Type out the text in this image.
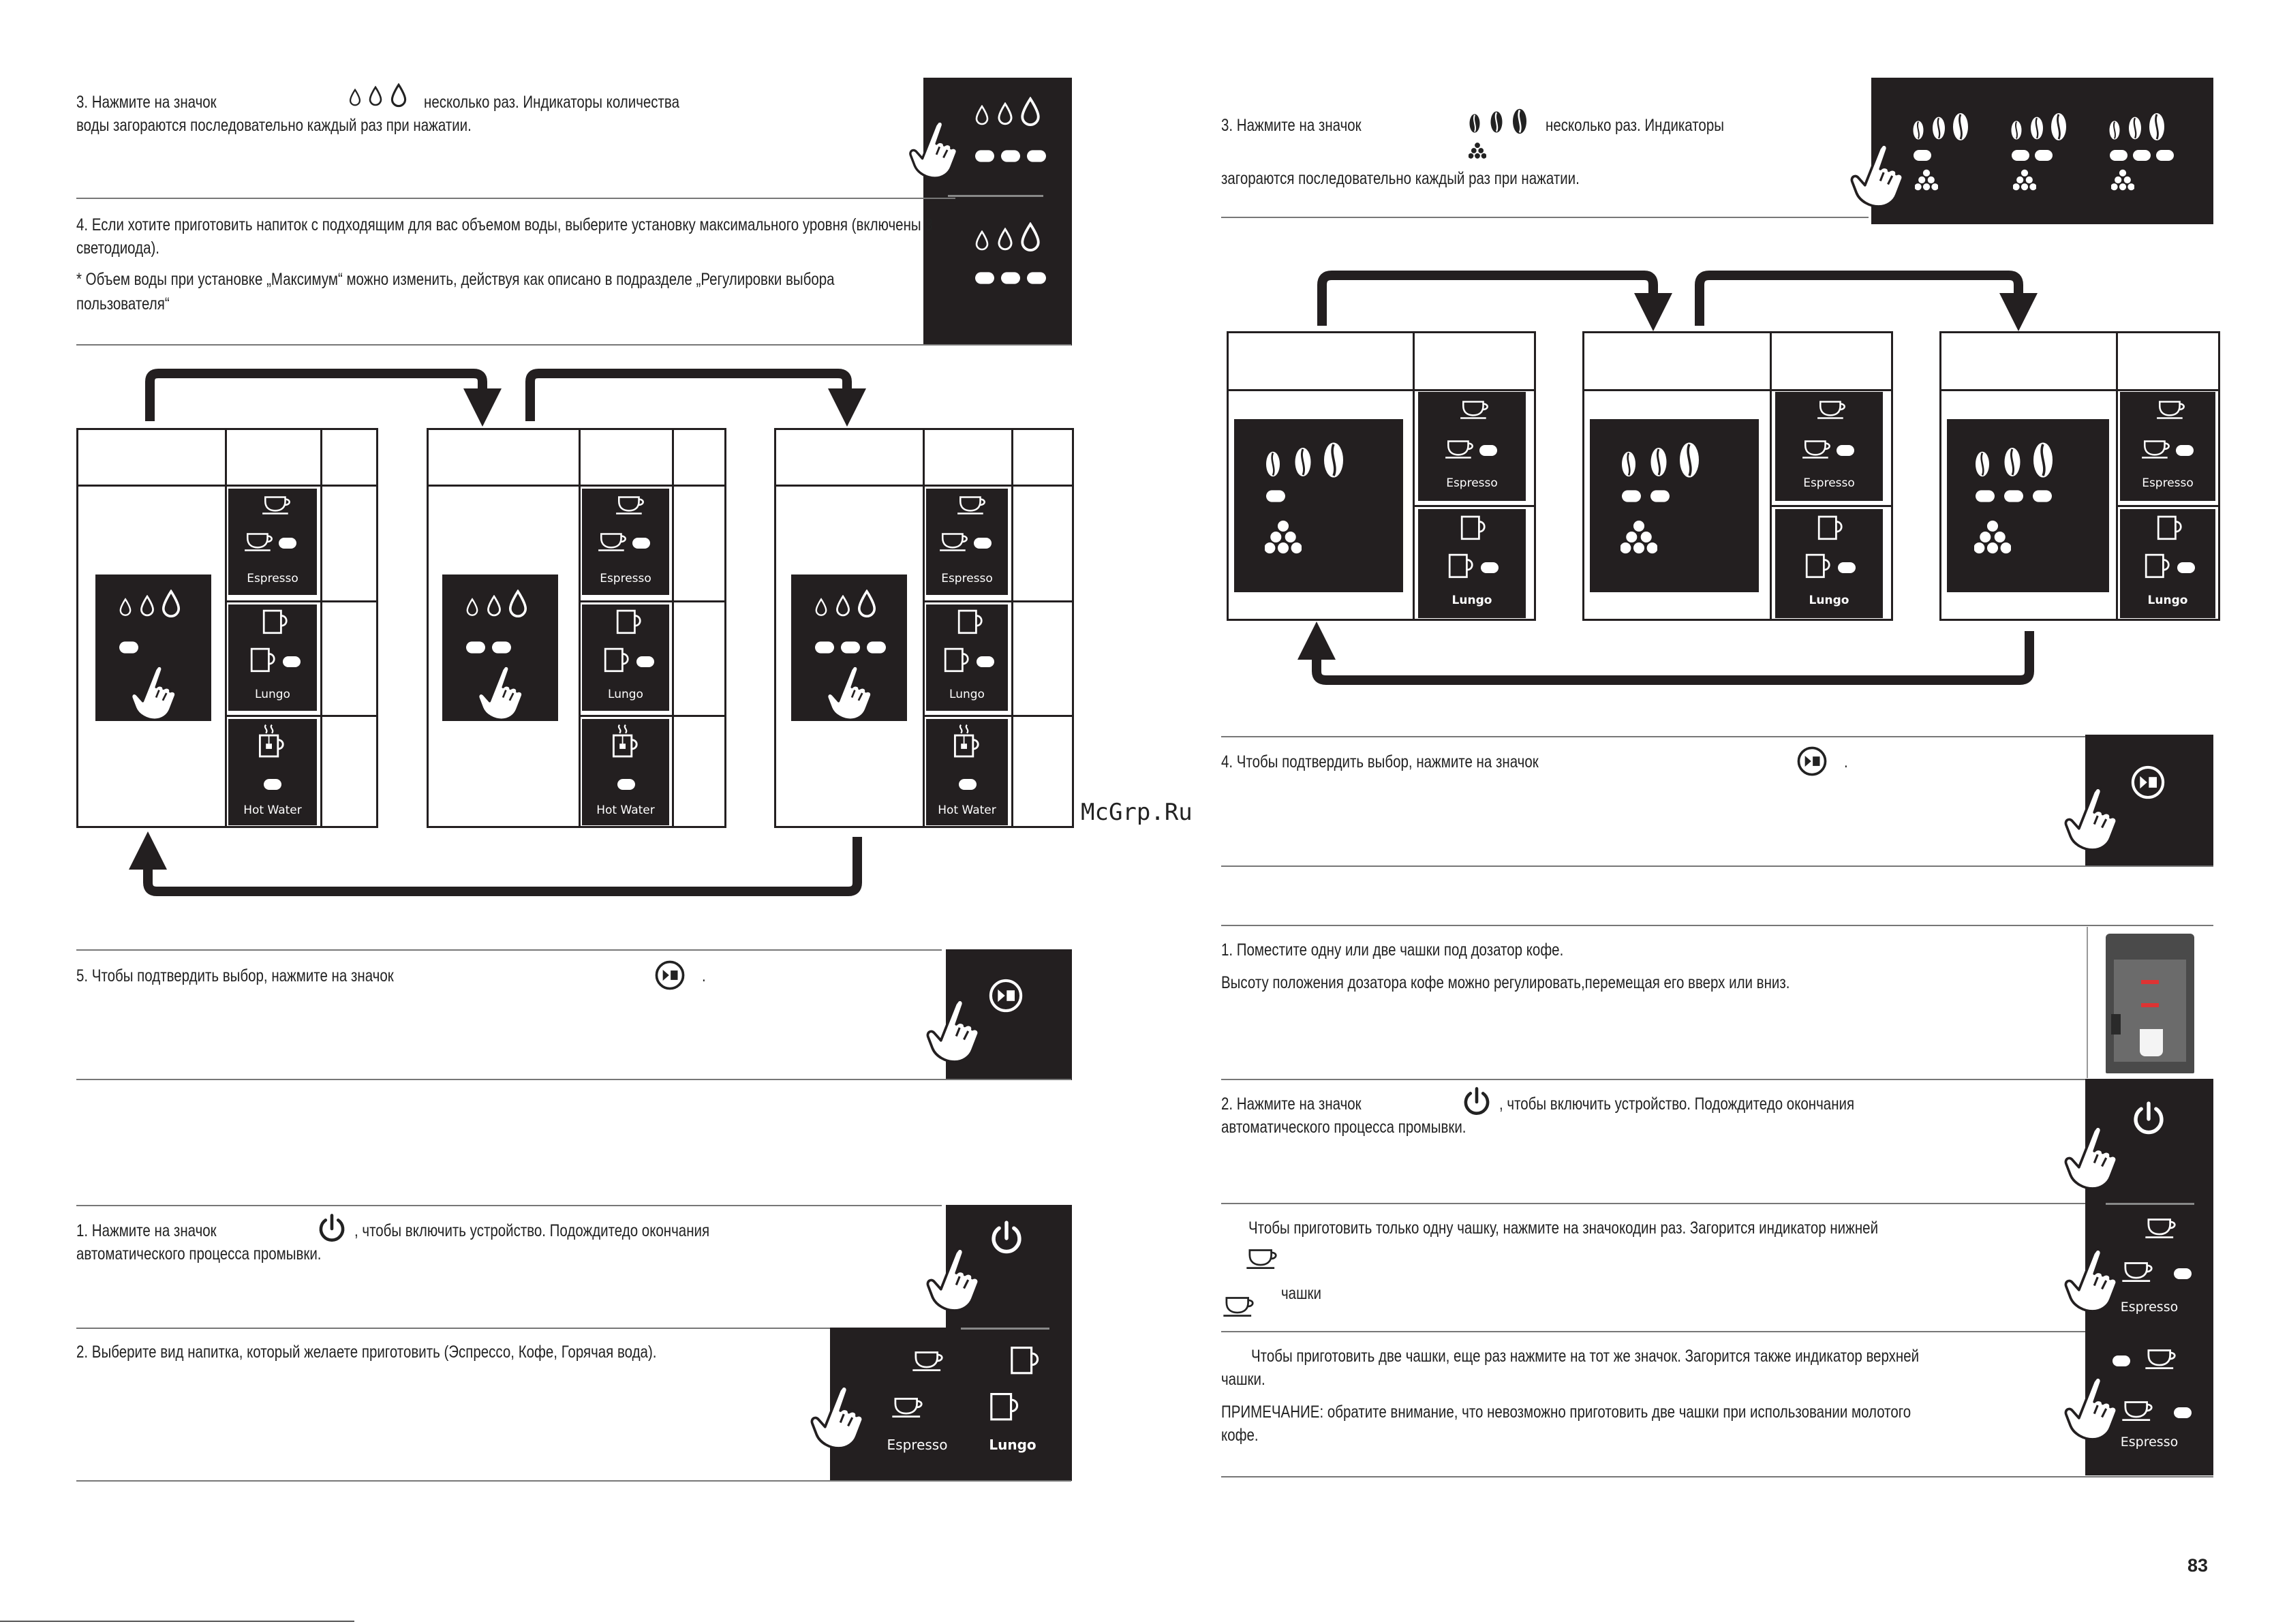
3. Нажмите на значок	несколько раз. Индикаторы количества
воды загораются последовательно каждый раз при нажатии.
4. Если хотите приготовить напиток с подходящим для вас объемом воды, выберите установку максимального уровня (включены 3
светодиода).
* Объем воды при установке „Максимум“ можно изменить, действуя как описано в подразделе „Регулировки выбора
пользователя“
Espresso
Lungo
Hot Water
Espresso
Lungo
Hot Water
Espresso
Lungo
Hot Water
5. Чтобы подтвердить выбор, нажмите на значок	.
1. Нажмите на значок	, чтобы включить устройство. Подождитедо окончания
автоматического процесса промывки.
2. Выберите вид напитка, который желаете приготовить (Эспрессо, Кофе, Горячая вода).
Espresso	Lungo
McGrp.Ru
3. Нажмите на значок	несколько раз. Индикаторы
загораются последовательно каждый раз при нажатии.
Espresso
Lungo
Espresso
Lungo
Espresso
Lungo
4. Чтобы подтвердить выбор, нажмите на значок	.
1. Поместите одну или две чашки под дозатор кофе.
Высоту положения дозатора кофе можно регулировать,перемещая его вверх или вниз.
2. Нажмите на значок	, чтобы включить устройство. Подождитедо окончания
автоматического процесса промывки.
Чтобы приготовить только одну чашку, нажмите на значокодин раз. Загорится индикатор нижней
чашки
Espresso
Чтобы приготовить две чашки, еще раз нажмите на тот же значок. Загорится также индикатор верхней
чашки.
ПРИМЕЧАНИЕ: обратите внимание, что невозможно приготовить две чашки при использовании молотого
кофе.	Espresso
83
